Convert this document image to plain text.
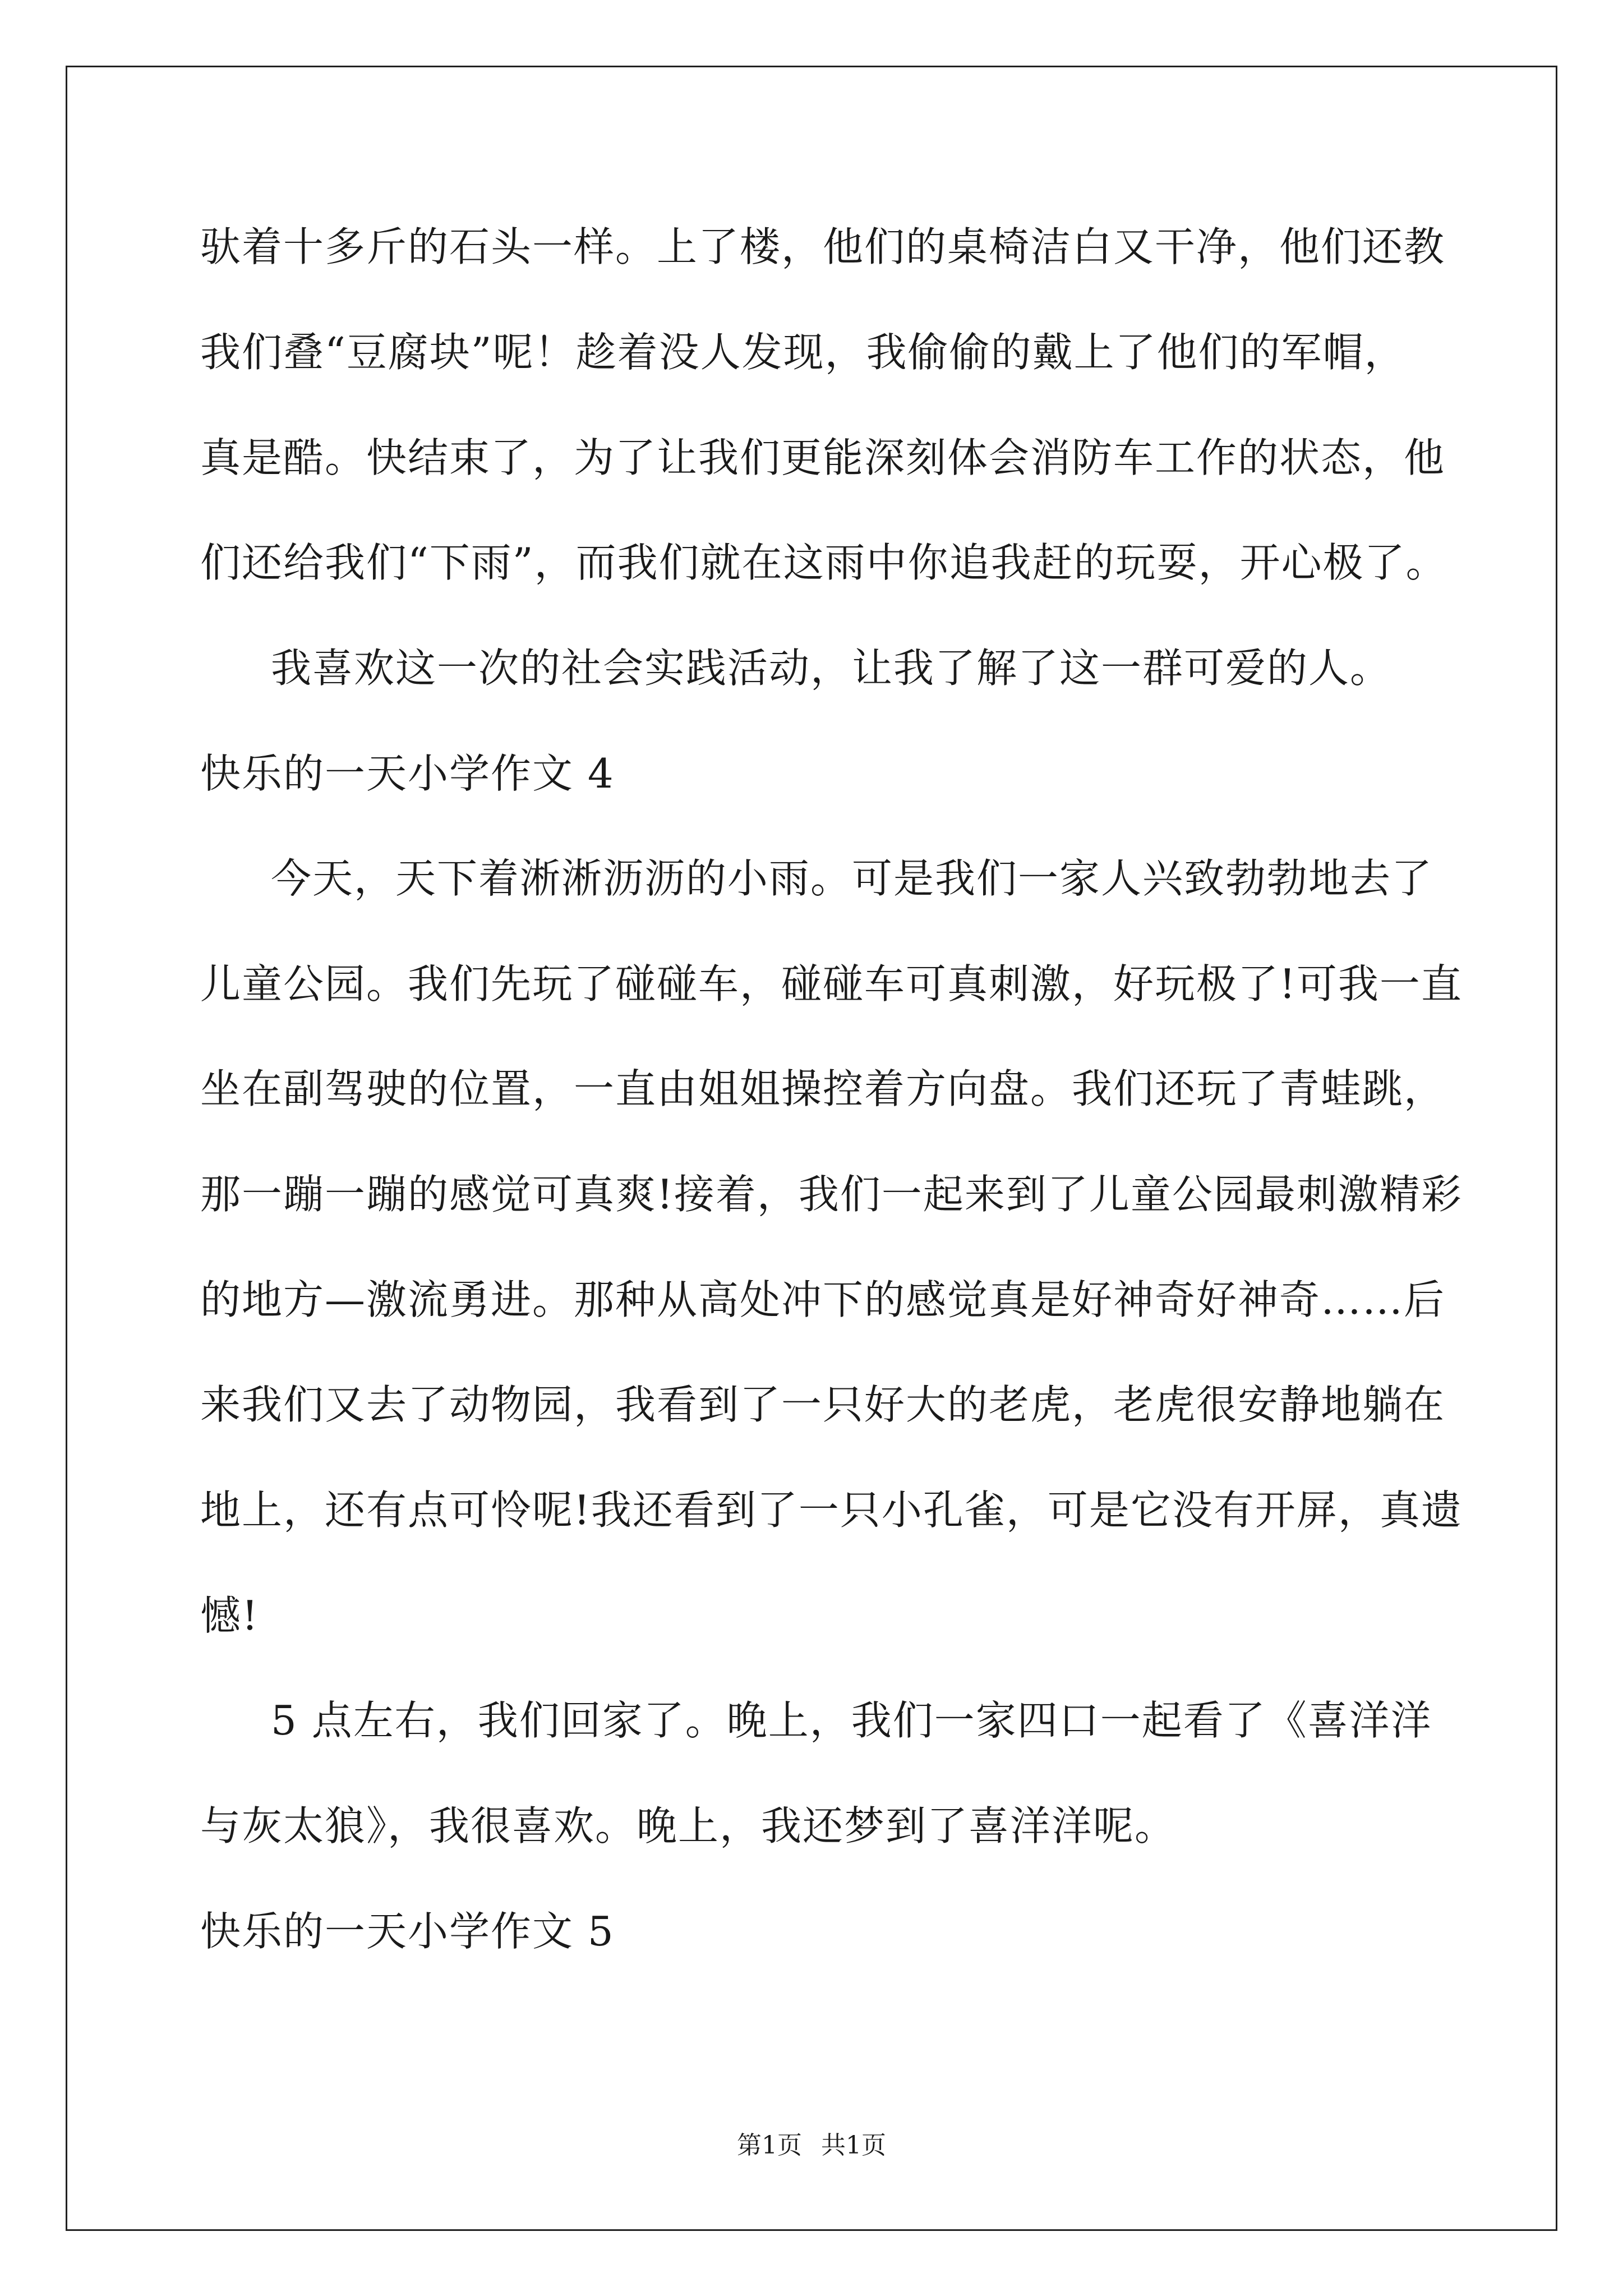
驮着十多斤的石头一样。上了楼，他们的桌椅洁白又干净，他们还教
我们叠“豆腐块”呢！趁着没人发现，我偷偷的戴上了他们的军帽，
真是酷。快结束了，为了让我们更能深刻体会消防车工作的状态，他
们还给我们“下雨”，而我们就在这雨中你追我赶的玩耍，开心极了。
我喜欢这一次的社会实践活动，让我了解了这一群可爱的人。
快乐的一天小学作文 4
今天，天下着淅淅沥沥的小雨。可是我们一家人兴致勃勃地去了
儿童公园。我们先玩了碰碰车，碰碰车可真刺激，好玩极了!可我一直
坐在副驾驶的位置，一直由姐姐操控着方向盘。我们还玩了青蛙跳，
那一蹦一蹦的感觉可真爽!接着，我们一起来到了儿童公园最刺激精彩
的地方—激流勇进。那种从高处冲下的感觉真是好神奇好神奇……后
来我们又去了动物园，我看到了一只好大的老虎，老虎很安静地躺在
地上，还有点可怜呢!我还看到了一只小孔雀，可是它没有开屏，真遗
憾!
5 点左右，我们回家了。晚上，我们一家四口一起看了《喜洋洋
与灰太狼》，我很喜欢。晚上，我还梦到了喜洋洋呢。
快乐的一天小学作文 5
第1页 共1页
